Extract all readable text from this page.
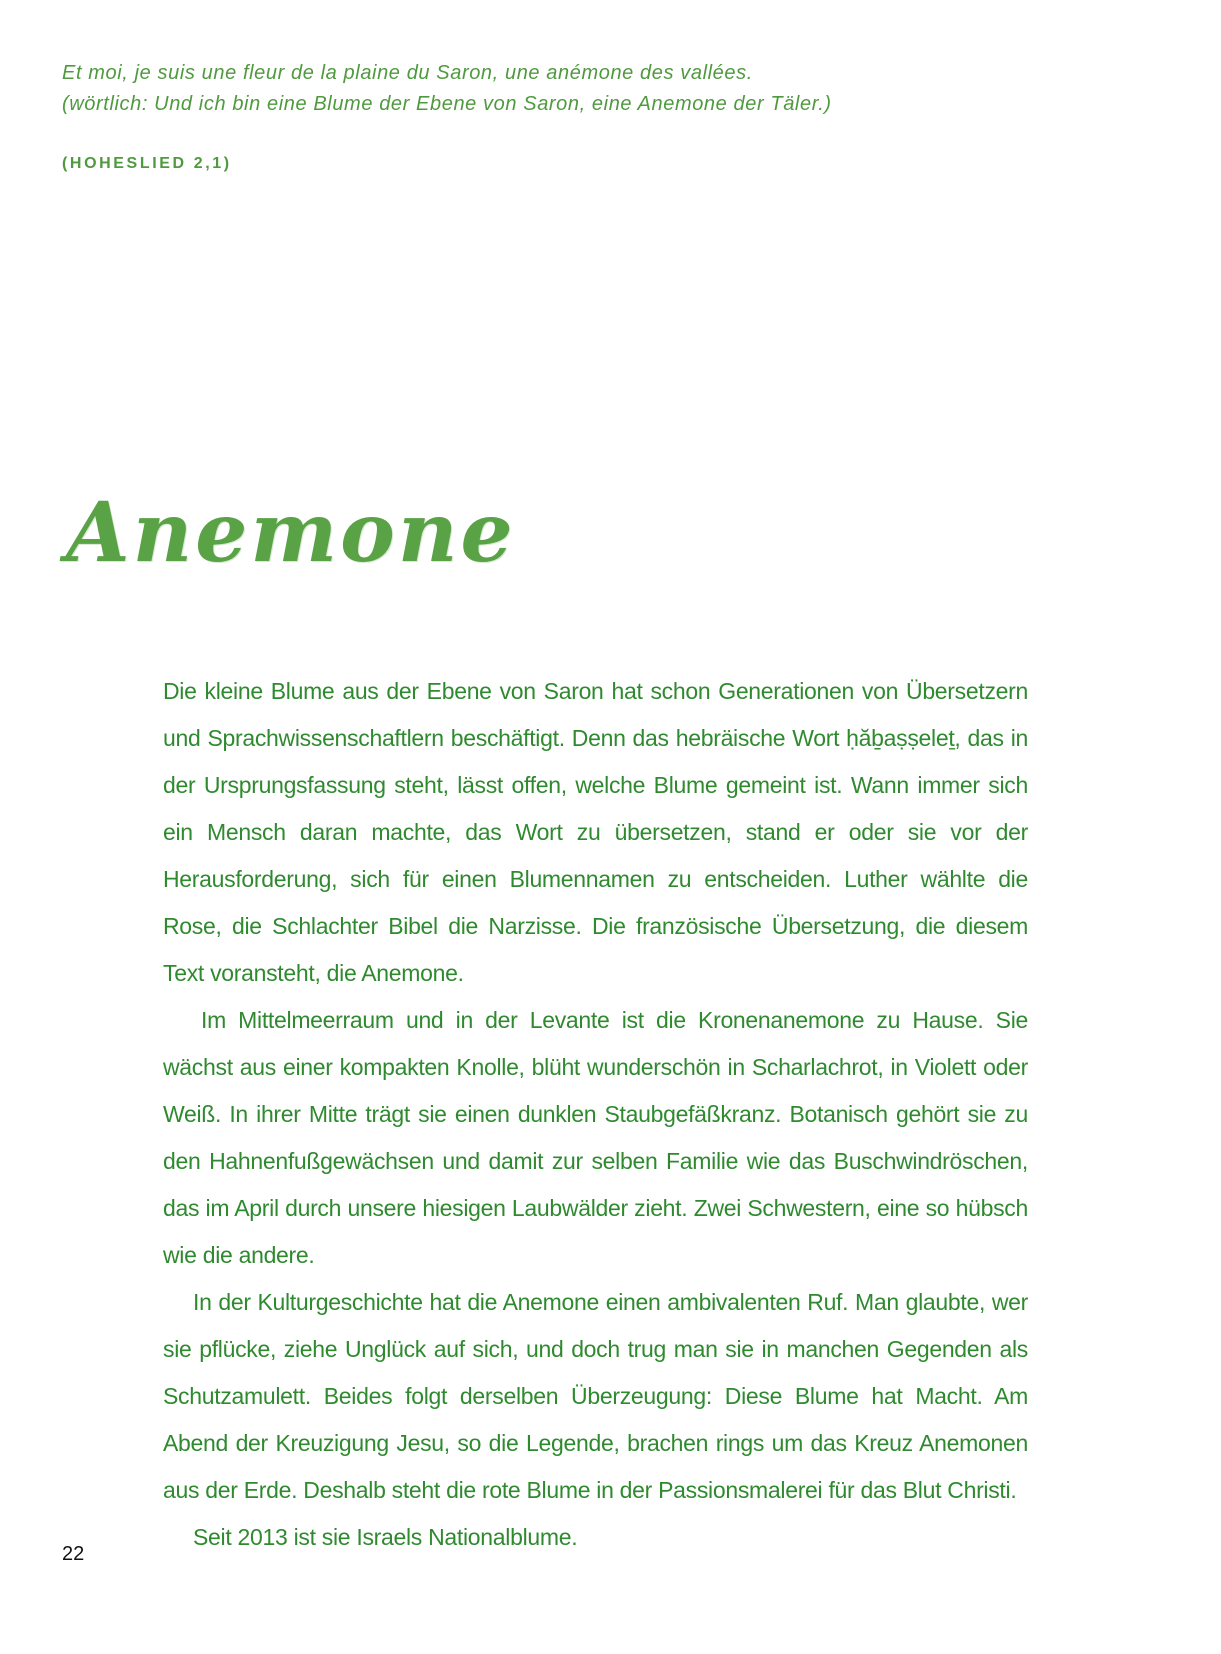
Et moi, je suis une fleur de la plaine du Saron, une anémone des vallées.
(wörtlich: Und ich bin eine Blume der Ebene von Saron, eine Anemone der Täler.)
(HOHESLIED 2,1)
Anemone

Die kleine Blume aus der Ebene von Saron hat schon Generationen von Übersetzern und Sprachwissenschaftlern beschäftigt. Denn das hebräische Wort ḥăḇaṣṣeleṯ, das in der Ursprungsfassung steht, lässt offen, welche Blume gemeint ist. Wann immer sich ein Mensch daran machte, das Wort zu übersetzen, stand er oder sie vor der Herausforderung, sich für einen Blumennamen zu entscheiden. Luther wählte die Rose, die Schlachter Bibel die Narzisse. Die französische Übersetzung, die diesem Text voransteht, die Anemone.

Im Mittelmeerraum und in der Levante ist die Kronenanemone zu Hause. Sie wächst aus einer kompakten Knolle, blüht wunderschön in Scharlachrot, in Violett oder Weiß. In ihrer Mitte trägt sie einen dunklen Staubgefäßkranz. Botanisch gehört sie zu den Hahnenfußgewächsen und damit zur selben Familie wie das Buschwindröschen, das im April durch unsere hiesigen Laubwälder zieht. Zwei Schwestern, eine so hübsch wie die andere.

In der Kulturgeschichte hat die Anemone einen ambivalenten Ruf. Man glaubte, wer sie pflücke, ziehe Unglück auf sich, und doch trug man sie in manchen Gegenden als Schutzamulett. Beides folgt derselben Überzeugung: Diese Blume hat Macht. Am Abend der Kreuzigung Jesu, so die Legende, brachen rings um das Kreuz Anemonen aus der Erde. Deshalb steht die rote Blume in der Passionsmalerei für das Blut Christi.

Seit 2013 ist sie Israels Nationalblume.

22
